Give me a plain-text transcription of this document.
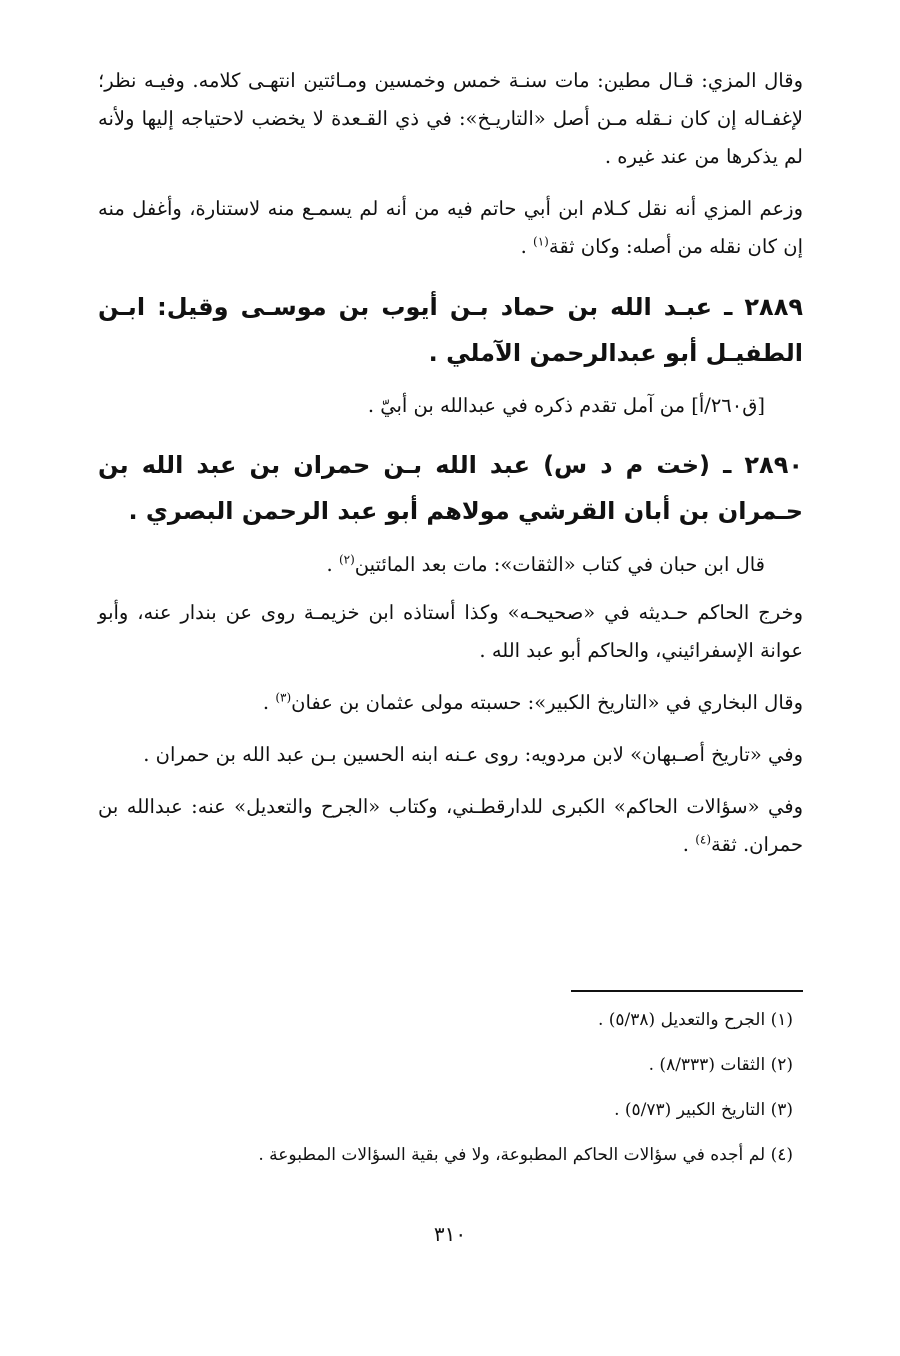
وقال المزي: قـال مطين: مات سنـة خمس وخمسين ومـائتين انتهـى كلامه. وفيـه نظر؛ لإغفـاله إن كان نـقله مـن أصل «التاريـخ»: في ذي القـعدة لا يخضب لاحتياجه إليها ولأنه لم يذكرها من عند غيره .

وزعم المزي أنه نقل كـلام ابن أبي حاتم فيه من أنه لم يسمـع منه لاستنارة، وأغفل منه إن كان نقله من أصله: وكان ثقة$^{(١)}$ .

٢٨٨٩ ـ عبـد الله بن حماد بـن أيوب بن موسـى وقيل: ابـن الطفيـل أبو عبدالرحمن الآملي .

[ق٢٦٠/أ] من آمل تقدم ذكره في عبدالله بن أبيّ .

٢٨٩٠ ـ (خت م د س) عبد الله بـن حمران بن عبد الله بن حـمران بن أبان القرشي مولاهم أبو عبد الرحمن البصري .

قال ابن حبان في كتاب «الثقات»: مات بعد المائتين$^{(٢)}$ .

وخرج الحاكم حـديثه في «صحيحـه» وكذا أستاذه ابن خزيمـة روى عن بندار عنه، وأبو عوانة الإسفرائيني، والحاكم أبو عبد الله .

وقال البخاري في «التاريخ الكبير»: حسبته مولى عثمان بن عفان$^{(٣)}$ .

وفي «تاريخ أصـبهان» لابن مردويه: روى عـنه ابنه الحسين بـن عبد الله بن حمران .

وفي «سؤالات الحاكم» الكبرى للدارقطـني، وكتاب «الجرح والتعديل» عنه: عبدالله بن حمران. ثقة$^{(٤)}$ .

(١) الجرح والتعديل (٥/٣٨) .

(٢) الثقات (٨/٣٣٣) .

(٣) التاريخ الكبير (٥/٧٣) .

(٤) لم أجده في سؤالات الحاكم المطبوعة، ولا في بقية السؤالات المطبوعة .

٣١٠
